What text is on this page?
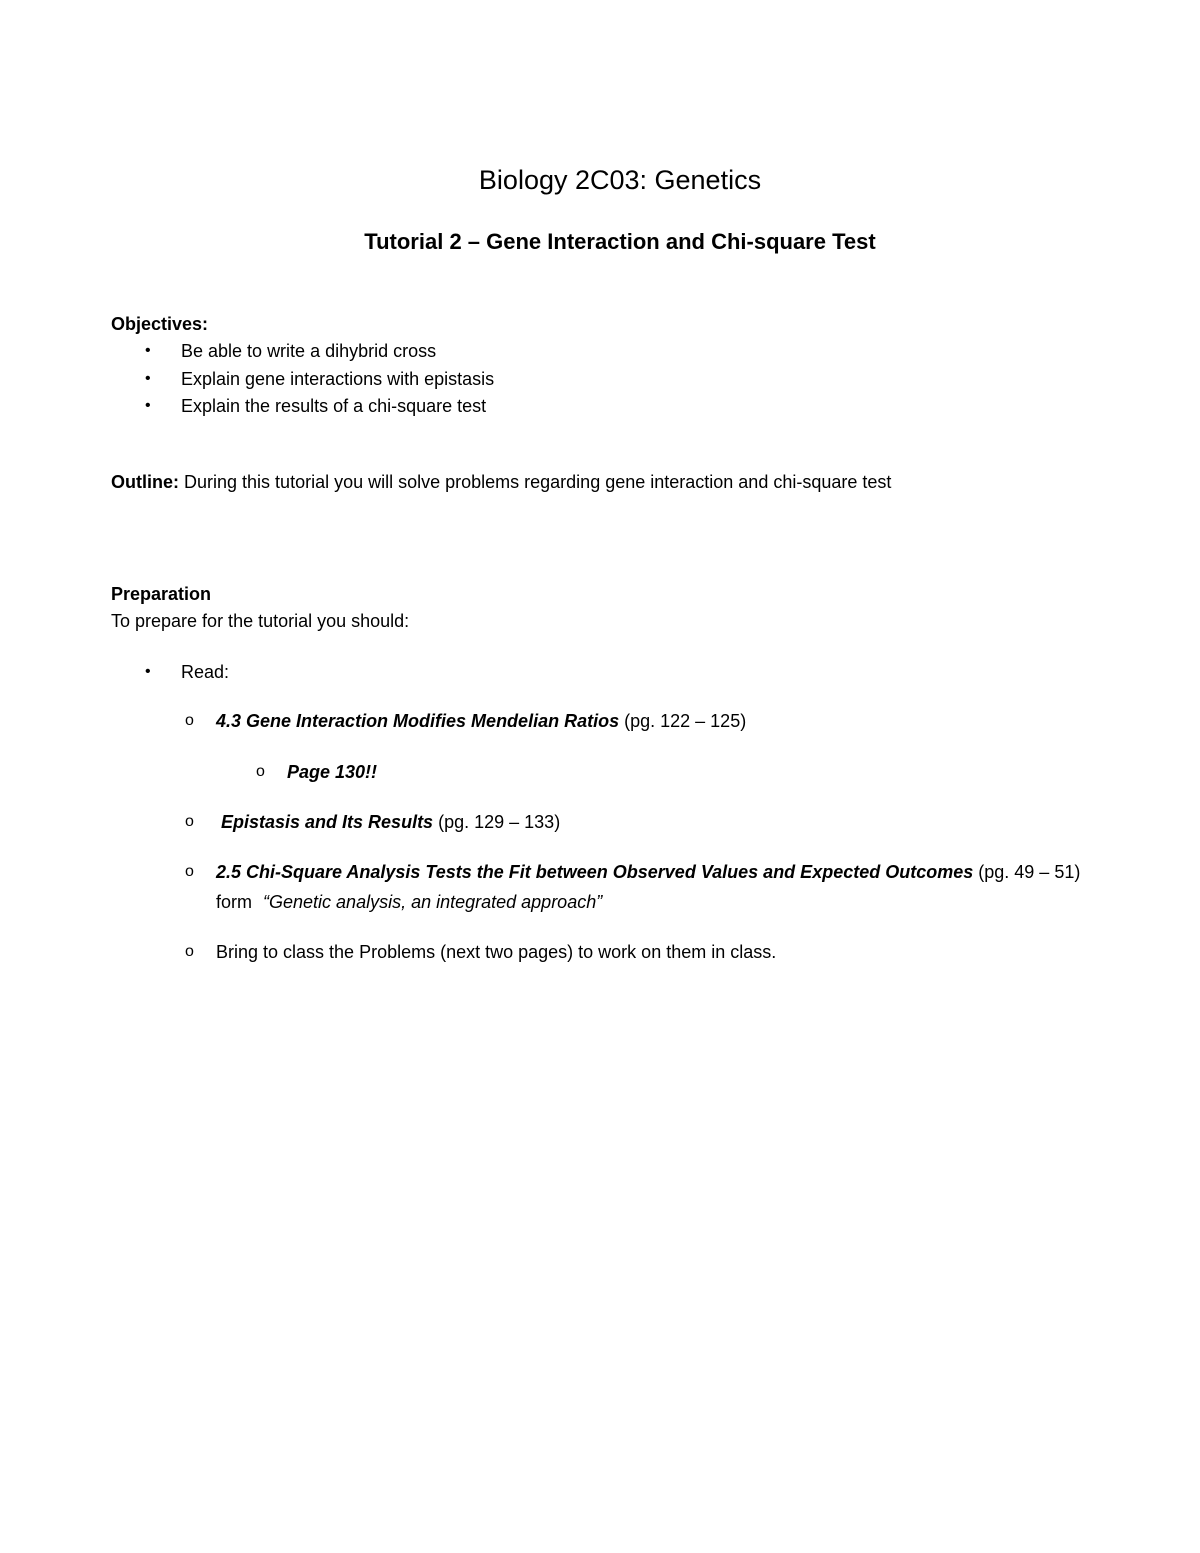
Biology 2C03: Genetics
Tutorial 2 – Gene Interaction and Chi-square Test
Objectives:
• Be able to write a dihybrid cross
• Explain gene interactions with epistasis
• Explain the results of a chi-square test
Outline: During this tutorial you will solve problems regarding gene interaction and chi-square test
Preparation
To prepare for the tutorial you should:
• Read:
o 4.3 Gene Interaction Modifies Mendelian Ratios (pg. 122 – 125)
o Page 130!!
o Epistasis and Its Results (pg. 129 – 133)
o 2.5 Chi-Square Analysis Tests the Fit between Observed Values and Expected Outcomes (pg. 49 – 51)
form “Genetic analysis, an integrated approach”
o Bring to class the Problems (next two pages) to work on them in class.
